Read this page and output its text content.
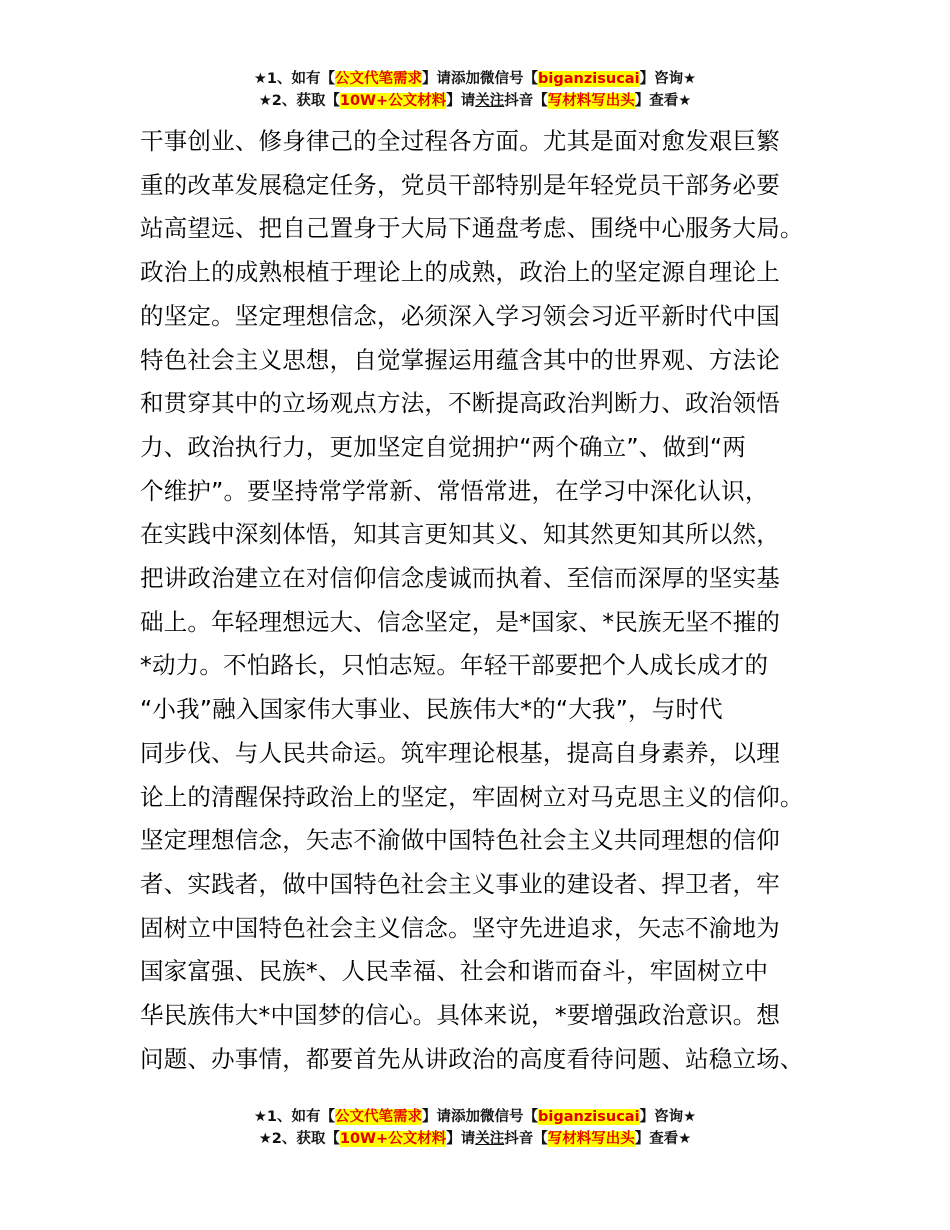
★1、如有【公文代笔需求】请添加微信号【biganzisucai】咨询★
★2、获取【10W+公文材料】请关注抖音【写材料写出头】查看★
干事创业、修身律己的全过程各方面。尤其是面对愈发艰巨繁
重的改革发展稳定任务，党员干部特别是年轻党员干部务必要
站高望远、把自己置身于大局下通盘考虑、围绕中心服务大局。
政治上的成熟根植于理论上的成熟，政治上的坚定源自理论上
的坚定。坚定理想信念，必须深入学习领会习近平新时代中国
特色社会主义思想，自觉掌握运用蕴含其中的世界观、方法论
和贯穿其中的立场观点方法，不断提高政治判断力、政治领悟
力、政治执行力，更加坚定自觉拥护“两个确立”、做到“两
个维护”。要坚持常学常新、常悟常进，在学习中深化认识，
在实践中深刻体悟，知其言更知其义、知其然更知其所以然，
把讲政治建立在对信仰信念虔诚而执着、至信而深厚的坚实基
础上。年轻理想远大、信念坚定，是*国家、*民族无坚不摧的
*动力。不怕路长，只怕志短。年轻干部要把个人成长成才的
“小我”融入国家伟大事业、民族伟大*的“大我”，与时代
同步伐、与人民共命运。筑牢理论根基，提高自身素养，以理
论上的清醒保持政治上的坚定，牢固树立对马克思主义的信仰。
坚定理想信念，矢志不渝做中国特色社会主义共同理想的信仰
者、实践者，做中国特色社会主义事业的建设者、捍卫者，牢
固树立中国特色社会主义信念。坚守先进追求，矢志不渝地为
国家富强、民族*、人民幸福、社会和谐而奋斗，牢固树立中
华民族伟大*中国梦的信心。具体来说，*要增强政治意识。想
问题、办事情，都要首先从讲政治的高度看待问题、站稳立场、
★1、如有【公文代笔需求】请添加微信号【biganzisucai】咨询★
★2、获取【10W+公文材料】请关注抖音【写材料写出头】查看★
